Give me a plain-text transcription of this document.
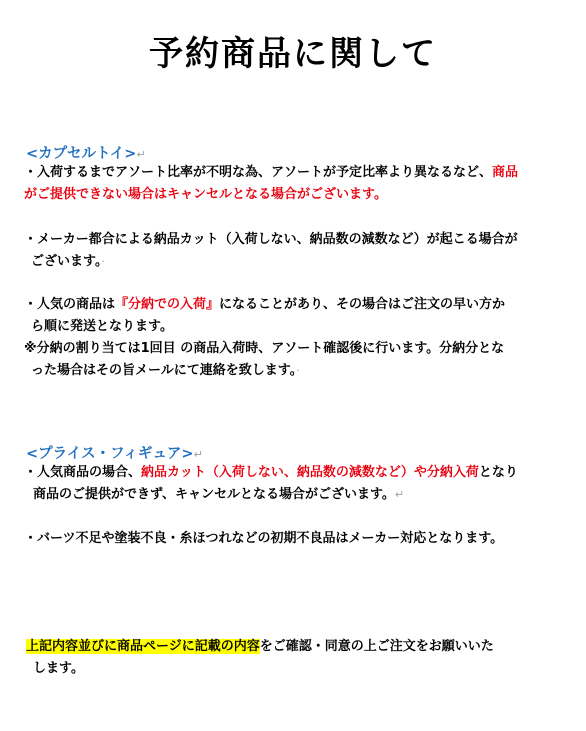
予約商品に関して
<カプセルトイ>↵
・入荷するまでアソート比率が不明な為、アソートが予定比率より異なるなど、商品
がご提供できない場合はキャンセルとなる場合がございます。
・メーカー都合による納品カット（入荷しない、納品数の減数など）が起こる場合が
ございます。·
・人気の商品は『分納での入荷』になることがあり、その場合はご注文の早い方か
ら順に発送となります。
※分納の割り当ては1回目 の商品入荷時、アソート確認後に行います。分納分とな
った場合はその旨メールにて連絡を致します。·
<プライス・フィギュア>↵
・人気商品の場合、納品カット（入荷しない、納品数の減数など）や分納入荷となり
商品のご提供ができず、キャンセルとなる場合がございます。↵
・バーツ不足や塗装不良・糸ほつれなどの初期不良品はメーカー対応となります。
上記内容並びに商品ページに記載の内容をご確認・同意の上ご注文をお願いいた
します。
